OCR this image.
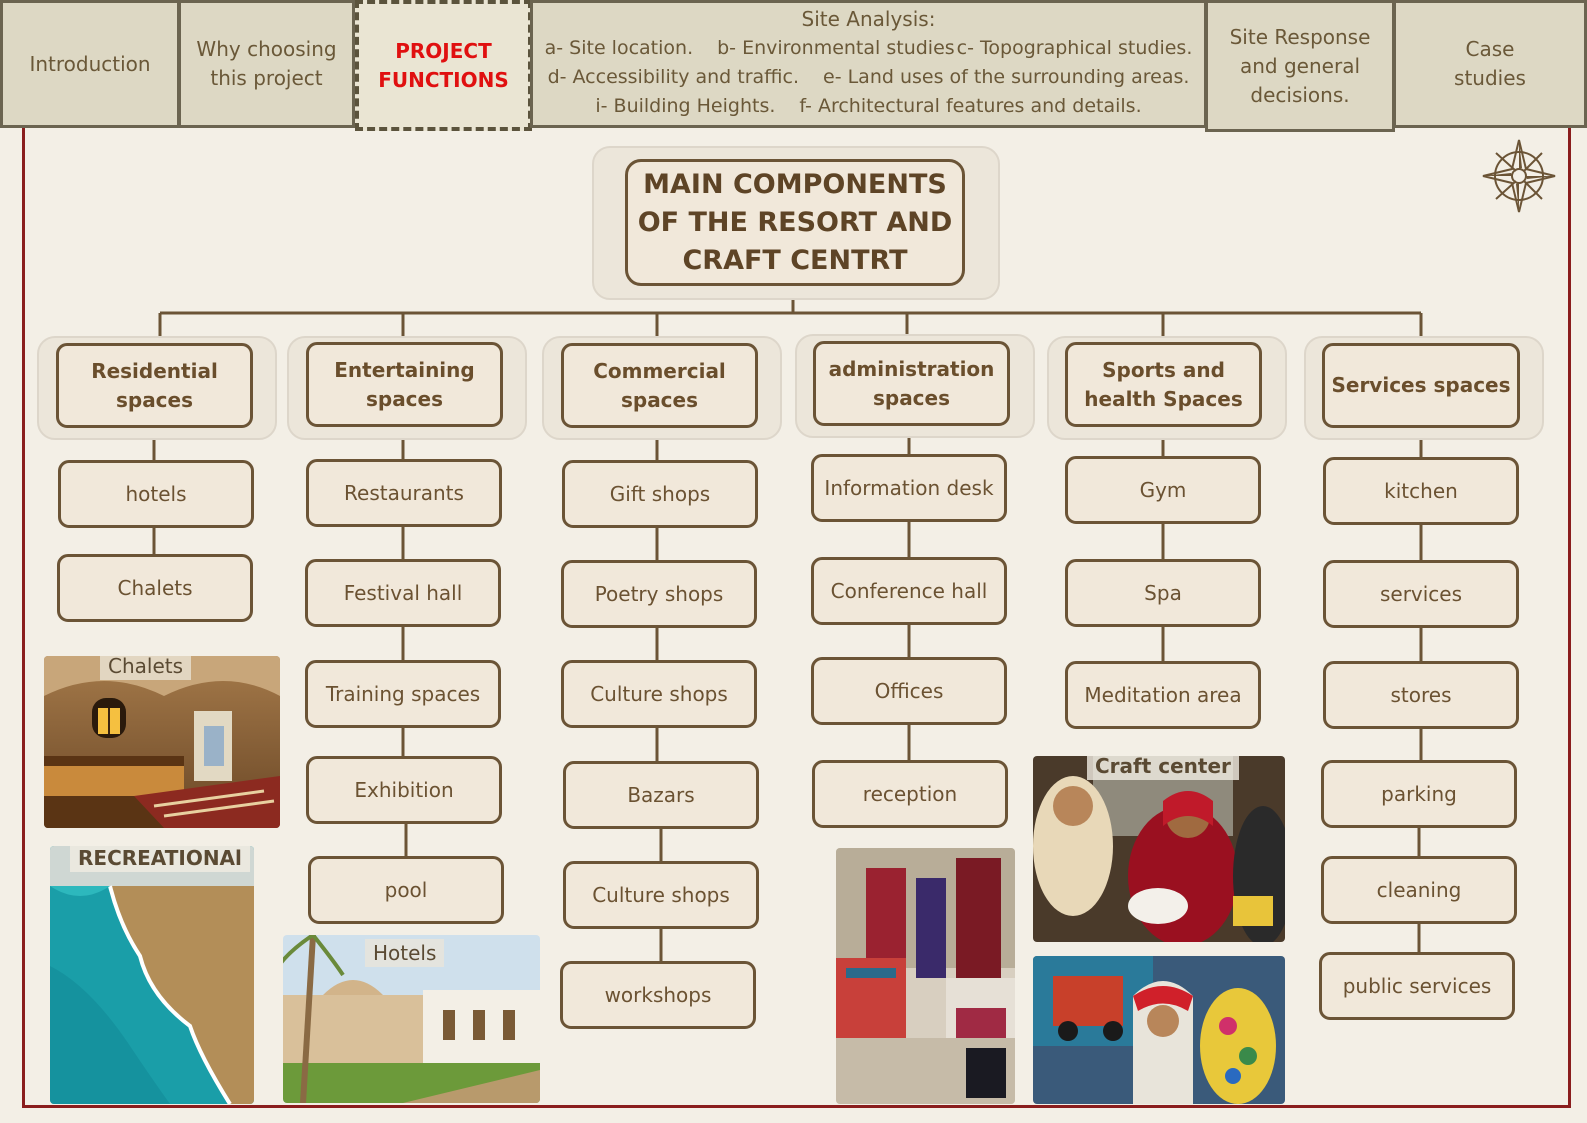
Introduction
Why choosing
this project
PROJECT
FUNCTIONS
Site Analysis:
a- Site location. b- Environmental studies c- Topographical studies.
d- Accessibility and traffic. e- Land uses of the surrounding areas.
i- Building Heights. f- Architectural features and details.
Site Response
and general
decisions.
Case
studies
MAIN COMPONENTS
OF THE RESORT AND
CRAFT CENTRT
Residential
spaces
Entertaining
spaces
Commercial
spaces
administration
spaces
Sports and
health Spaces
Services spaces
hotels
Chalets
Restaurants
Festival hall
Training spaces
Exhibition
pool
Gift shops
Poetry shops
Culture shops
Bazars
Culture shops
workshops
Information desk
Conference hall
Offices
reception
Gym
Spa
Meditation area
kitchen
services
stores
parking
cleaning
public services
Chalets
RECREATIONAl
Hotels
Craft center
